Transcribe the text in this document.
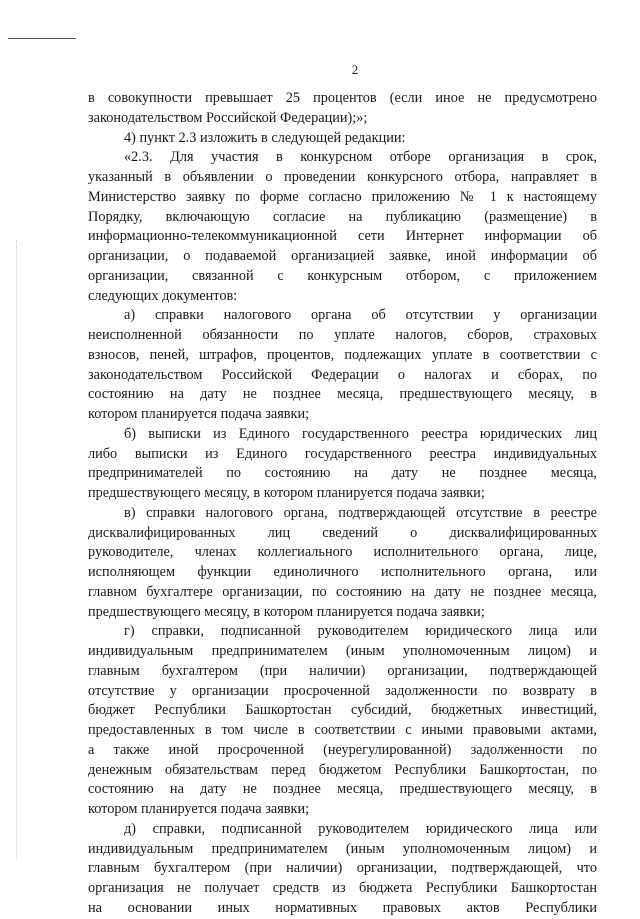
2
в совокупности превышает 25 процентов (если иное не предусмотрено
законодательством Российской Федерации);»;
4) пункт 2.3 изложить в следующей редакции:
«2.3. Для участия в конкурсном отборе организация в срок,
указанный в объявлении о проведении конкурсного отбора, направляет в
Министерство заявку по форме согласно приложению № 1 к настоящему
Порядку, включающую согласие на публикацию (размещение) в
информационно-телекоммуникационной сети Интернет информации об
организации, о подаваемой организацией заявке, иной информации об
организации, связанной с конкурсным отбором, с приложением
следующих документов:
а) справки налогового органа об отсутствии у организации
неисполненной обязанности по уплате налогов, сборов, страховых
взносов, пеней, штрафов, процентов, подлежащих уплате в соответствии с
законодательством Российской Федерации о налогах и сборах, по
состоянию на дату не позднее месяца, предшествующего месяцу, в
котором планируется подача заявки;
б) выписки из Единого государственного реестра юридических лиц
либо выписки из Единого государственного реестра индивидуальных
предпринимателей по состоянию на дату не позднее месяца,
предшествующего месяцу, в котором планируется подача заявки;
в) справки налогового органа, подтверждающей отсутствие в реестре
дисквалифицированных лиц сведений о дисквалифицированных
руководителе, членах коллегиального исполнительного органа, лице,
исполняющем функции единоличного исполнительного органа, или
главном бухгалтере организации, по состоянию на дату не позднее месяца,
предшествующего месяцу, в котором планируется подача заявки;
г) справки, подписанной руководителем юридического лица или
индивидуальным предпринимателем (иным уполномоченным лицом) и
главным бухгалтером (при наличии) организации, подтверждающей
отсутствие у организации просроченной задолженности по возврату в
бюджет Республики Башкортостан субсидий, бюджетных инвестиций,
предоставленных в том числе в соответствии с иными правовыми актами,
а также иной просроченной (неурегулированной) задолженности по
денежным обязательствам перед бюджетом Республики Башкортостан, по
состоянию на дату не позднее месяца, предшествующего месяцу, в
котором планируется подача заявки;
д) справки, подписанной руководителем юридического лица или
индивидуальным предпринимателем (иным уполномоченным лицом) и
главным бухгалтером (при наличии) организации, подтверждающей, что
организация не получает средств из бюджета Республики Башкортостан
на основании иных нормативных правовых актов Республики
